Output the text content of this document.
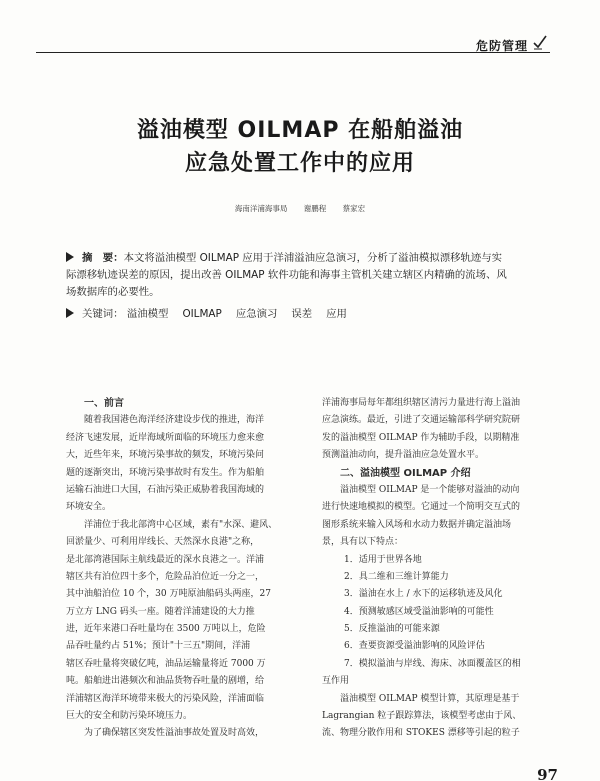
危防管理
溢油模型 OILMAP 在船舶溢油
应急处置工作中的应用
海南洋浦海事局 谢鹏程 蔡家宏
摘　要：本文将溢油模型 OILMAP 应用于洋浦溢油应急演习，分析了溢油模拟漂移轨迹与实
际漂移轨迹误差的原因，提出改善 OILMAP 软件功能和海事主管机关建立辖区内精确的流场、风
场数据库的必要性。
关键词： 溢油模型 OILMAP 应急演习 误差 应用
一、前言
随着我国港色海洋经济建设步伐的推进，海洋
经济飞速发展，近岸海域所面临的环境压力愈来愈
大，近些年来，环境污染事故的频发，环境污染问
题的逐渐突出，环境污染事故时有发生。作为船舶
运输石油进口大国，石油污染正威胁着我国海域的
环境安全。
洋浦位于我北部湾中心区域，素有"水深、避风、
回淤量少、可利用岸线长、天然深水良港"之称，
是北部湾港国际主航线最近的深水良港之一。洋浦
辖区共有泊位四十多个，危险品泊位近一分之一，
其中油船泊位 10 个，30 万吨原油船码头两座，27
万立方 LNG 码头一座。随着洋浦建设的大力推
进，近年来港口吞吐量均在 3500 万吨以上，危险
品吞吐量约占 51%；预计"十三五"期间，洋浦
辖区吞吐量将突破亿吨，油品运输量将近 7000 万
吨。船舶进出港频次和油品货物吞吐量的剧增，给
洋浦辖区海洋环境带来极大的污染风险，洋浦面临
巨大的安全和防污染环境压力。
为了确保辖区突发性溢油事故处置及时高效，
洋浦海事局每年都组织辖区清污力量进行海上溢油
应急演练。最近，引进了交通运输部科学研究院研
发的溢油模型 OILMAP 作为辅助手段，以期精准
预测溢油动向，提升溢油应急处置水平。
二、溢油模型 OILMAP 介绍
溢油模型 OILMAP 是一个能够对溢油的动向
进行快速地模拟的模型。它通过一个简明交互式的
图形系统来输入风场和水动力数据并确定溢油场
景，具有以下特点：
1．适用于世界各地
2．具二维和三维计算能力
3．溢油在水上 / 水下的运移轨迹及风化
4．预测敏感区域受溢油影响的可能性
5．反推溢油的可能来源
6．查要资源受溢油影响的风险评估
7．模拟溢油与岸线、海床、冰面覆盖区的相
互作用
溢油模型 OILMAP 模型计算，其原理是基于
Lagrangian 粒子跟踪算法，该模型考虑由于风、
流、物理分散作用和 STOKES 漂移等引起的粒子
97
